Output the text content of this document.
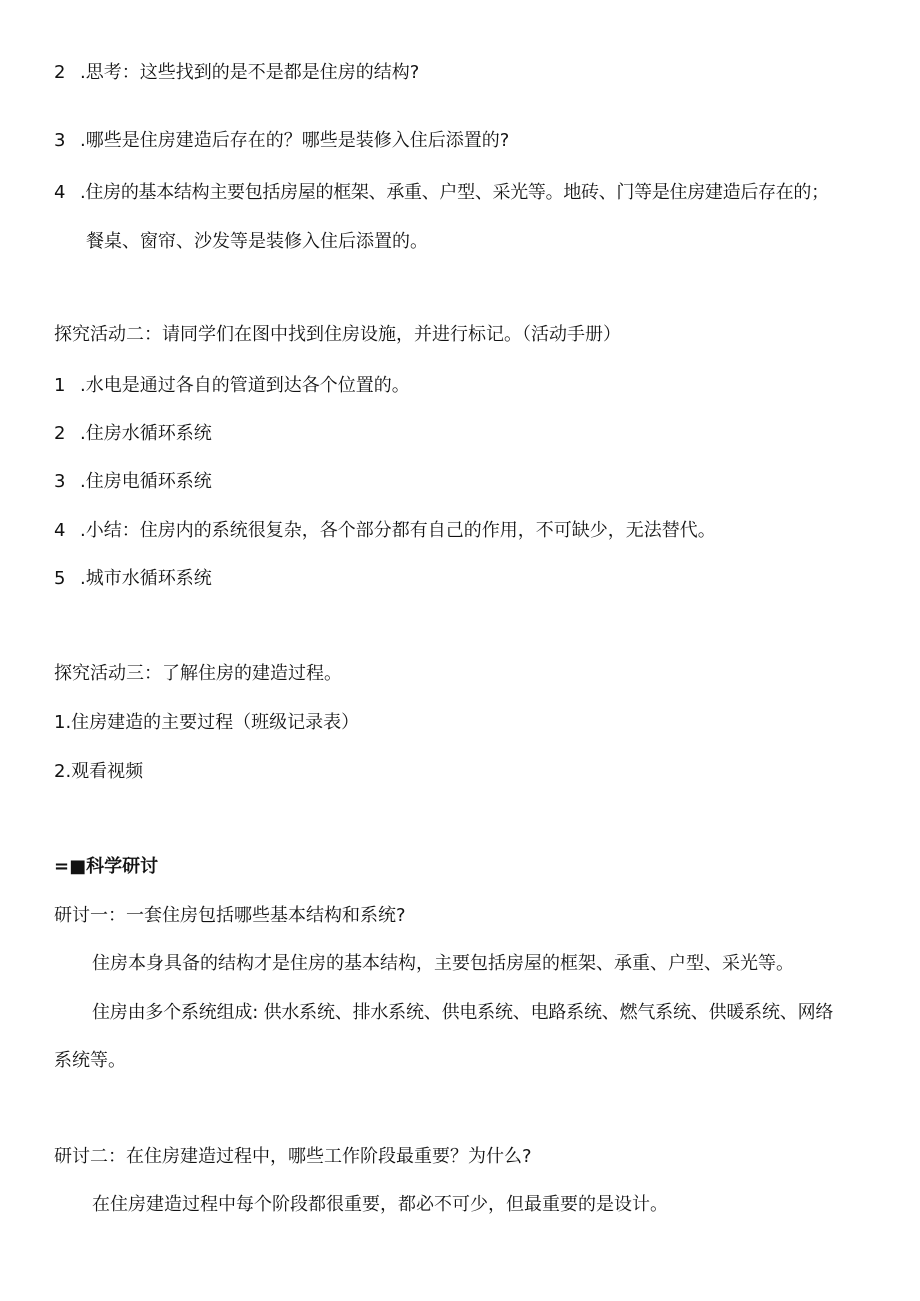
2 .思考：这些找到的是不是都是住房的结构?
3 .哪些是住房建造后存在的？哪些是装修入住后添置的?
4 .住房的基本结构主要包括房屋的框架、承重、户型、采光等。地砖、门等是住房建造后存在的；
餐桌、窗帘、沙发等是装修入住后添置的。
探究活动二：请同学们在图中找到住房设施，并进行标记。（活动手册）
1 .水电是通过各自的管道到达各个位置的。
2 .住房水循环系统
3 .住房电循环系统
4 .小结：住房内的系统很复杂，各个部分都有自己的作用，不可缺少，无法替代。
5 .城市水循环系统
探究活动三：了解住房的建造过程。
1.住房建造的主要过程（班级记录表）
2.观看视频
=■科学研讨
研讨一：一套住房包括哪些基本结构和系统?
住房本身具备的结构才是住房的基本结构，主要包括房屋的框架、承重、户型、采光等。
住房由多个系统组成: 供水系统、排水系统、供电系统、电路系统、燃气系统、供暖系统、网络
系统等。
研讨二：在住房建造过程中，哪些工作阶段最重要？为什么?
在住房建造过程中每个阶段都很重要，都必不可少，但最重要的是设计。
